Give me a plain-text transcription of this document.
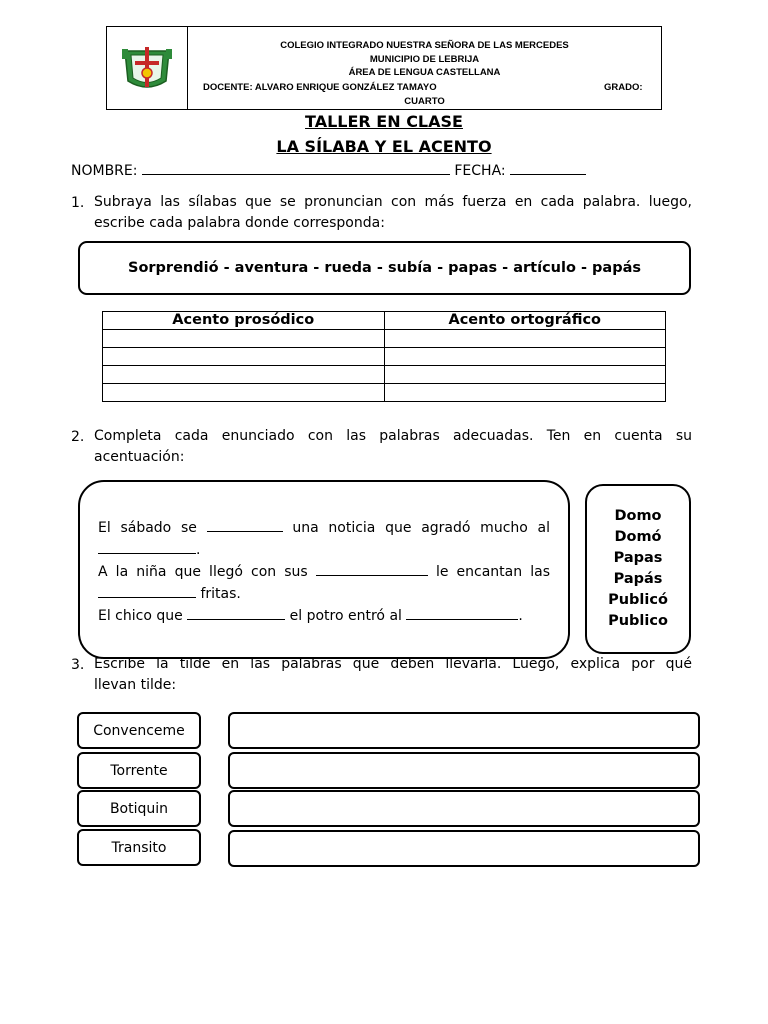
COLEGIO INTEGRADO NUESTRA SEÑORA DE LAS MERCEDES
MUNICIPIO DE LEBRIJA
ÁREA DE LENGUA CASTELLANA
DOCENTE: ALVARO ENRIQUE GONZÁLEZ TAMAYO	GRADO:
CUARTO
TALLER EN CLASE
LA SÍLABA Y EL ACENTO
NOMBRE:	FECHA:
1. Subraya las sílabas que se pronuncian con más fuerza en cada palabra. luego,
escribe cada palabra donde corresponda:
Sorprendió - aventura - rueda - subía - papas - artículo - papás
Acento prosódico	Acento ortográfico

2. Completa cada enunciado con las palabras adecuadas. Ten en cuenta su
acentuación:
El sábado se	una noticia que agradó mucho al
.
A la niña que llegó con sus	le encantan las
fritas.
El chico que	el potro entró al	.
Domo
Domó
Papas
Papás
Publicó
Publico
3. Escribe la tilde en las palabras que deben llevarla. Luego, explica por qué
llevan tilde:
Convenceme
Torrente
Botiquin
Transito
